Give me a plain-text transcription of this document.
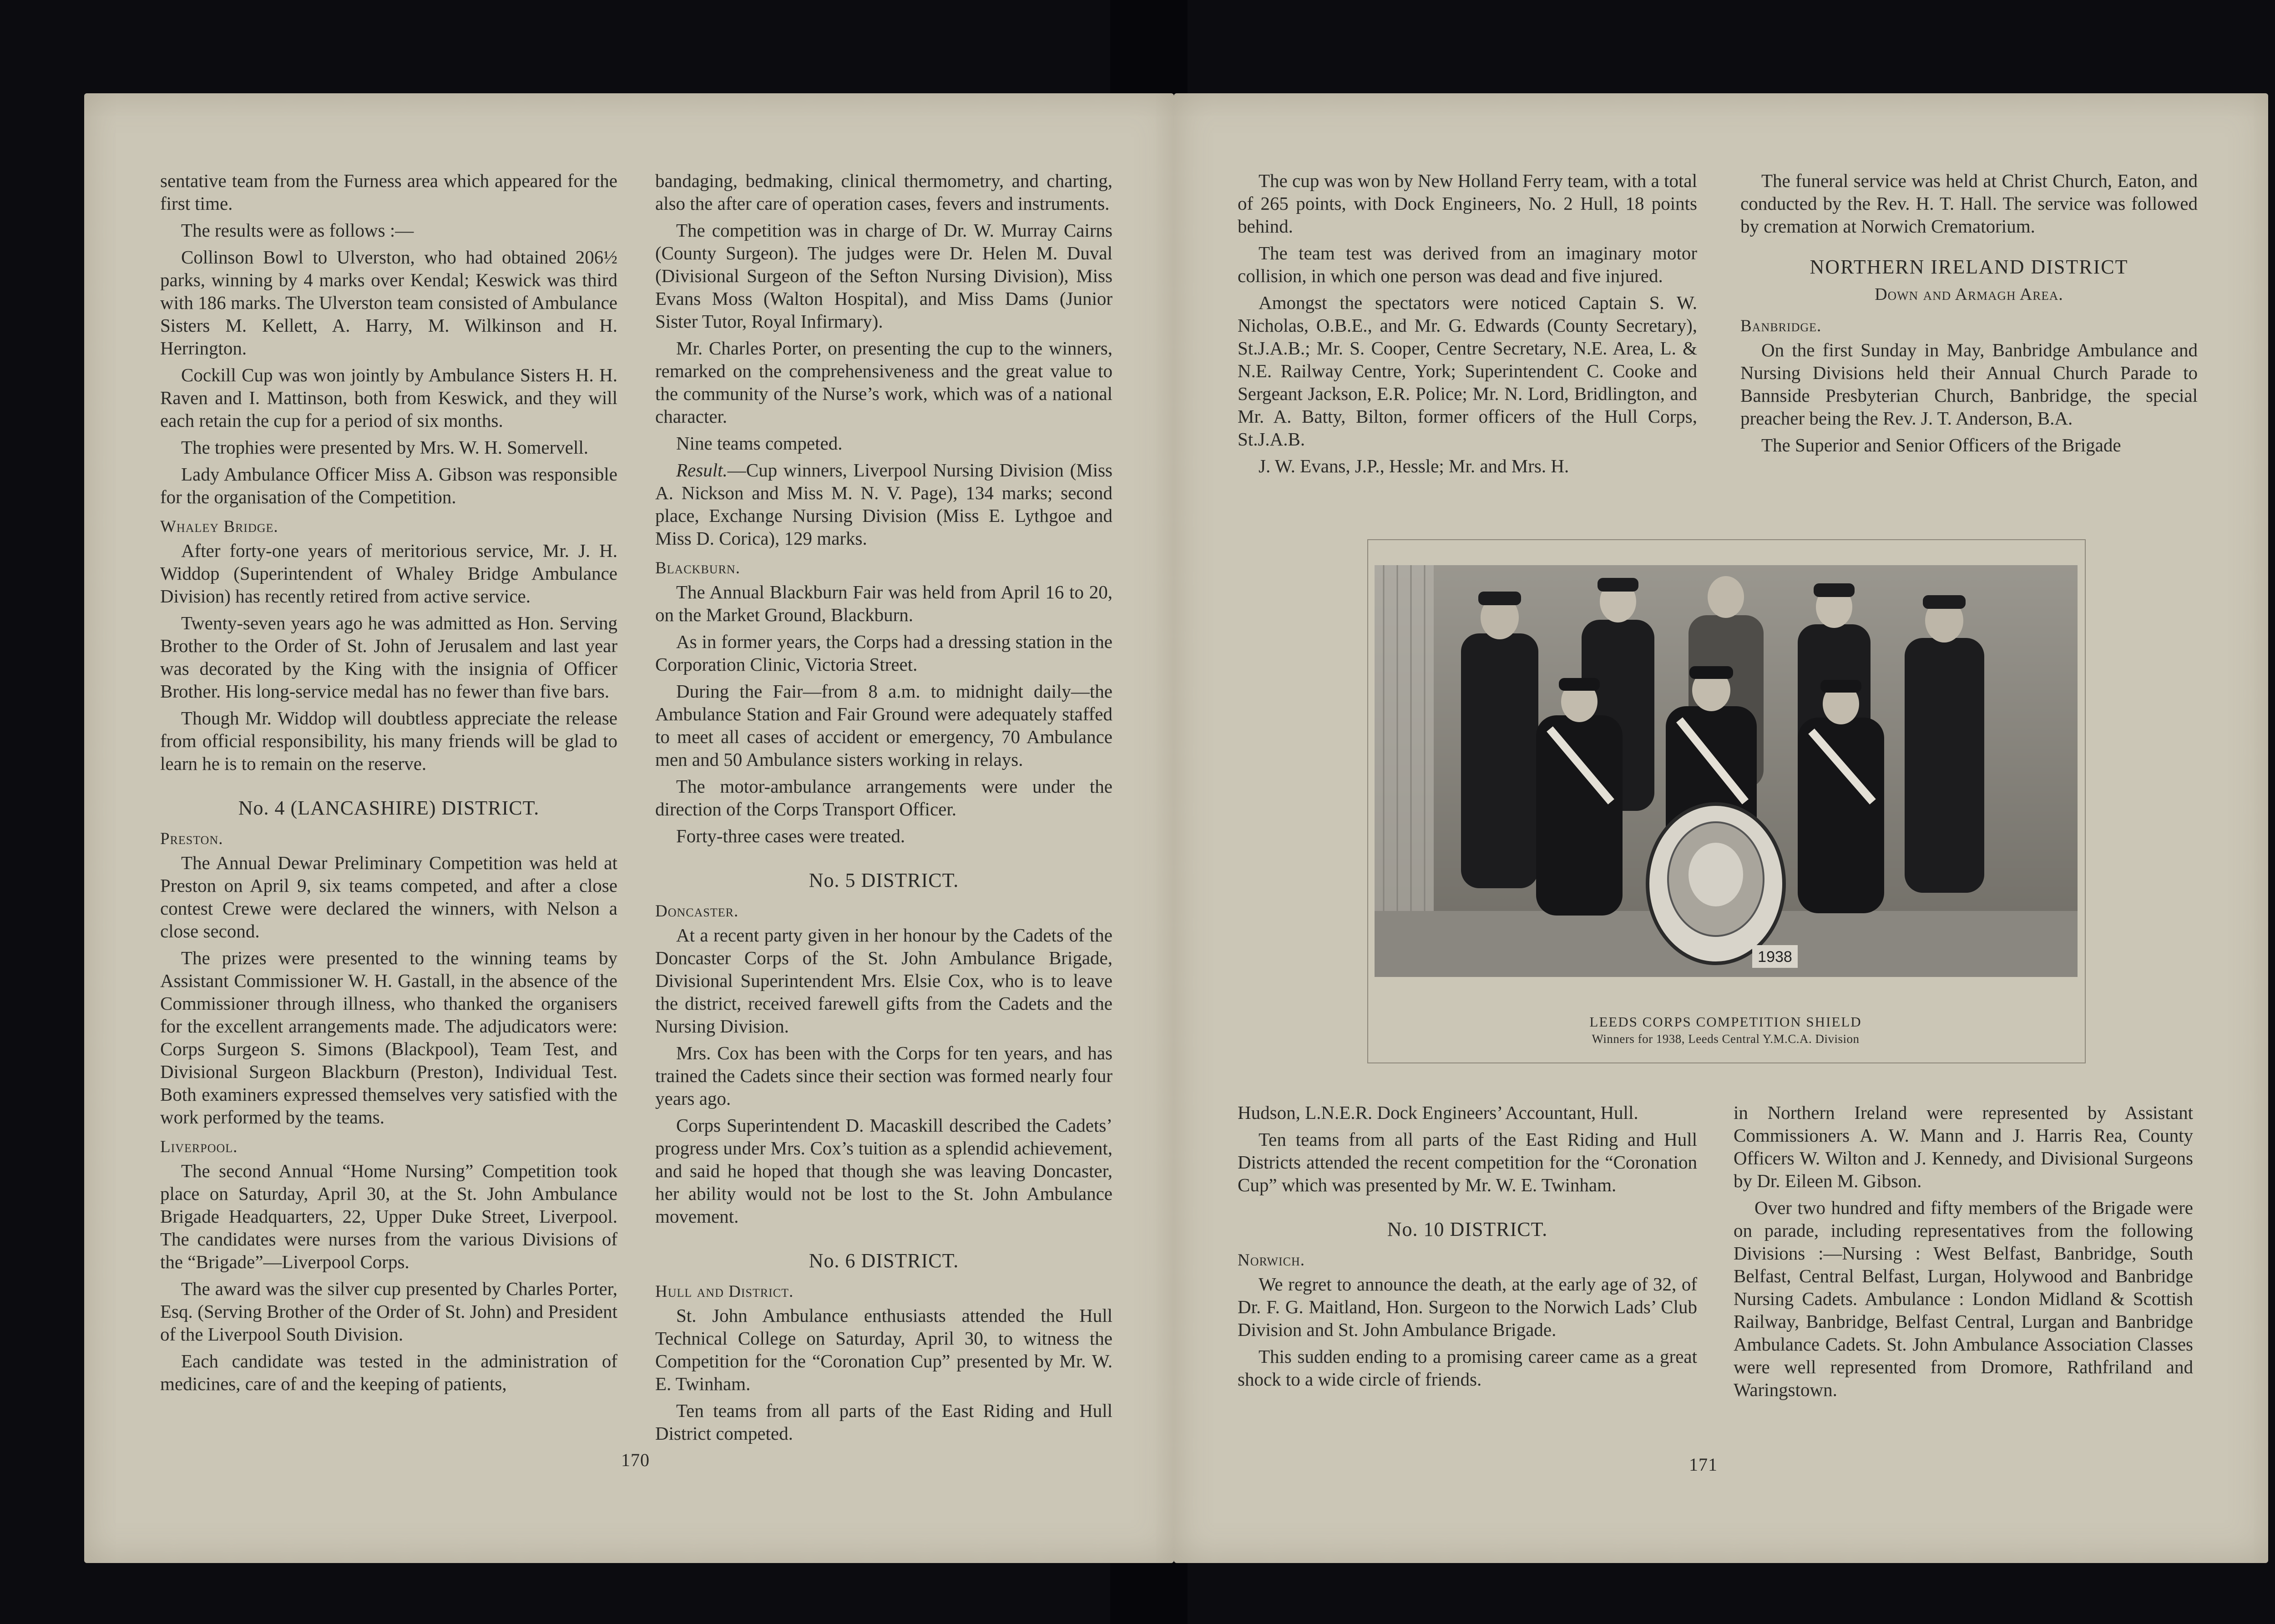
sentative team from the Furness area which appeared for the first time.

The results were as follows :—

Collinson Bowl to Ulverston, who had obtained 206½ parks, winning by 4 marks over Kendal; Keswick was third with 186 marks. The Ulverston team consisted of Ambulance Sisters M. Kellett, A. Harry, M. Wilkinson and H. Herrington.

Cockill Cup was won jointly by Ambulance Sisters H. H. Raven and I. Mattinson, both from Keswick, and they will each retain the cup for a period of six months.

The trophies were presented by Mrs. W. H. Somervell.

Lady Ambulance Officer Miss A. Gibson was responsible for the organisation of the Competition.

Whaley Bridge.

After forty-one years of meritorious service, Mr. J. H. Widdop (Superintendent of Whaley Bridge Ambulance Division) has recently retired from active service.

Twenty-seven years ago he was admitted as Hon. Serving Brother to the Order of St. John of Jerusalem and last year was decorated by the King with the insignia of Officer Brother. His long-service medal has no fewer than five bars.

Though Mr. Widdop will doubtless appreciate the release from official responsibility, his many friends will be glad to learn he is to remain on the reserve.

No. 4 (LANCASHIRE) DISTRICT.
Preston.

The Annual Dewar Preliminary Competition was held at Preston on April 9, six teams competed, and after a close contest Crewe were declared the winners, with Nelson a close second.

The prizes were presented to the winning teams by Assistant Commissioner W. H. Gastall, in the absence of the Commissioner through illness, who thanked the organisers for the excellent arrangements made. The adjudicators were: Corps Surgeon S. Simons (Blackpool), Team Test, and Divisional Surgeon Blackburn (Preston), Individual Test. Both examiners expressed themselves very satisfied with the work performed by the teams.

Liverpool.

The second Annual “Home Nursing” Competition took place on Saturday, April 30, at the St. John Ambulance Brigade Headquarters, 22, Upper Duke Street, Liverpool. The candidates were nurses from the various Divisions of the “Brigade”—Liverpool Corps.

The award was the silver cup presented by Charles Porter, Esq. (Serving Brother of the Order of St. John) and President of the Liverpool South Division.

Each candidate was tested in the administration of medicines, care of and the keeping of patients,

bandaging, bedmaking, clinical thermometry, and charting, also the after care of operation cases, fevers and instruments.

The competition was in charge of Dr. W. Murray Cairns (County Surgeon). The judges were Dr. Helen M. Duval (Divisional Surgeon of the Sefton Nursing Division), Miss Evans Moss (Walton Hospital), and Miss Dams (Junior Sister Tutor, Royal Infirmary).

Mr. Charles Porter, on presenting the cup to the winners, remarked on the comprehensiveness and the great value to the community of the Nurse’s work, which was of a national character.

Nine teams competed.

Result.—Cup winners, Liverpool Nursing Division (Miss A. Nickson and Miss M. N. V. Page), 134 marks; second place, Exchange Nursing Division (Miss E. Lythgoe and Miss D. Corica), 129 marks.

Blackburn.

The Annual Blackburn Fair was held from April 16 to 20, on the Market Ground, Blackburn.

As in former years, the Corps had a dressing station in the Corporation Clinic, Victoria Street.

During the Fair—from 8 a.m. to midnight daily—the Ambulance Station and Fair Ground were adequately staffed to meet all cases of accident or emergency, 70 Ambulance men and 50 Ambulance sisters working in relays.

The motor-ambulance arrangements were under the direction of the Corps Transport Officer.

Forty-three cases were treated.

No. 5 DISTRICT.
Doncaster.

At a recent party given in her honour by the Cadets of the Doncaster Corps of the St. John Ambulance Brigade, Divisional Superintendent Mrs. Elsie Cox, who is to leave the district, received farewell gifts from the Cadets and the Nursing Division.

Mrs. Cox has been with the Corps for ten years, and has trained the Cadets since their section was formed nearly four years ago.

Corps Superintendent D. Macaskill described the Cadets’ progress under Mrs. Cox’s tuition as a splendid achievement, and said he hoped that though she was leaving Doncaster, her ability would not be lost to the St. John Ambulance movement.

No. 6 DISTRICT.
Hull and District.

St. John Ambulance enthusiasts attended the Hull Technical College on Saturday, April 30, to witness the Competition for the “Coronation Cup” presented by Mr. W. E. Twinham.

Ten teams from all parts of the East Riding and Hull District competed.

170

The cup was won by New Holland Ferry team, with a total of 265 points, with Dock Engineers, No. 2 Hull, 18 points behind.

The team test was derived from an imaginary motor collision, in which one person was dead and five injured.

Amongst the spectators were noticed Captain S. W. Nicholas, O.B.E., and Mr. G. Edwards (County Secretary), St.J.A.B.; Mr. S. Cooper, Centre Secretary, N.E. Area, L. & N.E. Railway Centre, York; Superintendent C. Cooke and Sergeant Jackson, E.R. Police; Mr. N. Lord, Bridlington, and Mr. A. Batty, Bilton, former officers of the Hull Corps, St.J.A.B.

J. W. Evans, J.P., Hessle; Mr. and Mrs. H.

The funeral service was held at Christ Church, Eaton, and conducted by the Rev. H. T. Hall. The service was followed by cremation at Norwich Crematorium.

NORTHERN IRELAND DISTRICT
Down and Armagh Area.
Banbridge.

On the first Sunday in May, Banbridge Ambulance and Nursing Divisions held their Annual Church Parade to Bannside Presbyterian Church, Banbridge, the special preacher being the Rev. J. T. Anderson, B.A.

The Superior and Senior Officers of the Brigade

1938
LEEDS CORPS COMPETITION SHIELD
Winners for 1938, Leeds Central Y.M.C.A. Division

Hudson, L.N.E.R. Dock Engineers’ Accountant, Hull.

Ten teams from all parts of the East Riding and Hull Districts attended the recent competition for the “Coronation Cup” which was presented by Mr. W. E. Twinham.

No. 10 DISTRICT.
Norwich.

We regret to announce the death, at the early age of 32, of Dr. F. G. Maitland, Hon. Surgeon to the Norwich Lads’ Club Division and St. John Ambulance Brigade.

This sudden ending to a promising career came as a great shock to a wide circle of friends.

in Northern Ireland were represented by Assistant Commissioners A. W. Mann and J. Harris Rea, County Officers W. Wilton and J. Kennedy, and Divisional Surgeons by Dr. Eileen M. Gibson.

Over two hundred and fifty members of the Brigade were on parade, including representatives from the following Divisions :—Nursing : West Belfast, Banbridge, South Belfast, Central Belfast, Lurgan, Holywood and Banbridge Nursing Cadets. Ambulance : London Midland & Scottish Railway, Banbridge, Belfast Central, Lurgan and Banbridge Ambulance Cadets. St. John Ambulance Association Classes were well represented from Dromore, Rathfriland and Waringstown.

171
